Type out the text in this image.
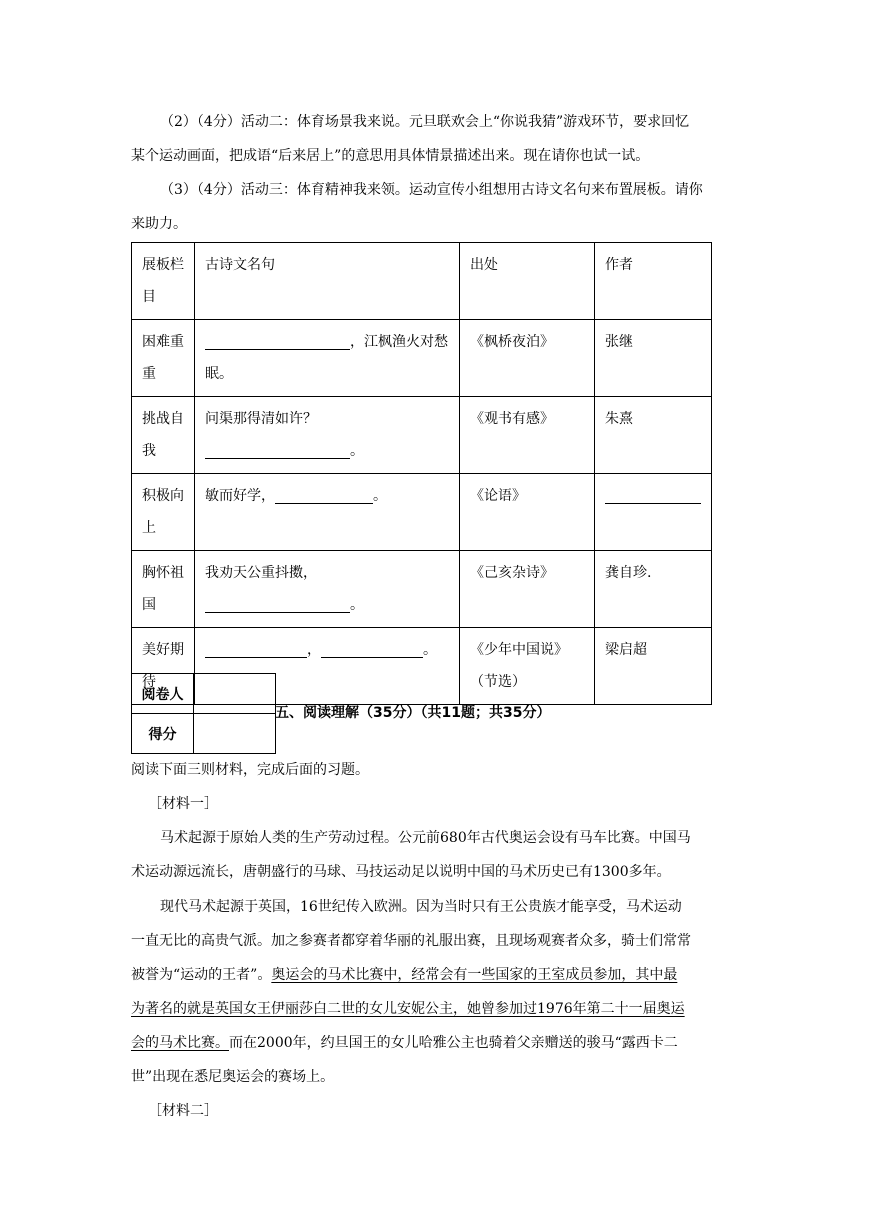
（2）（4分）活动二：体育场景我来说。元旦联欢会上“你说我猜”游戏环节，要求回忆
某个运动画面，把成语“后来居上”的意思用具体情景描述出来。现在请你也试一试。
（3）（4分）活动三：体育精神我来领。运动宣传小组想用古诗文名句来布置展板。请你
来助力。
展板栏目	古诗文名句	出处	作者
困难重重	，江枫渔火对愁眠。	《枫桥夜泊》	张继
挑战自我	问渠那得清如许？。	《观书有感》	朱熹
积极向上	敏而好学， 。	《论语》	
胸怀祖国	我劝天公重抖擞，。	《己亥杂诗》	龚自珍.
美好期待	， 。	《少年中国说》（节选）	梁启超
阅卷人	
得分	
五、阅读理解（35分）（共11题；共35分）
阅读下面三则材料，完成后面的习题。
［材料一］
马术起源于原始人类的生产劳动过程。公元前680年古代奥运会设有马车比赛。中国马
术运动源远流长，唐朝盛行的马球、马技运动足以说明中国的马术历史已有1300多年。
现代马术起源于英国，16世纪传入欧洲。因为当时只有王公贵族才能享受，马术运动
一直无比的高贵气派。加之参赛者都穿着华丽的礼服出赛，且现场观赛者众多，骑士们常常
被誉为“运动的王者”。奥运会的马术比赛中，经常会有一些国家的王室成员参加，其中最
为著名的就是英国女王伊丽莎白二世的女儿安妮公主，她曾参加过1976年第二十一届奥运
会的马术比赛。而在2000年，约旦国王的女儿哈雅公主也骑着父亲赠送的骏马“露西卡二
世”出现在悉尼奥运会的赛场上。
［材料二］
